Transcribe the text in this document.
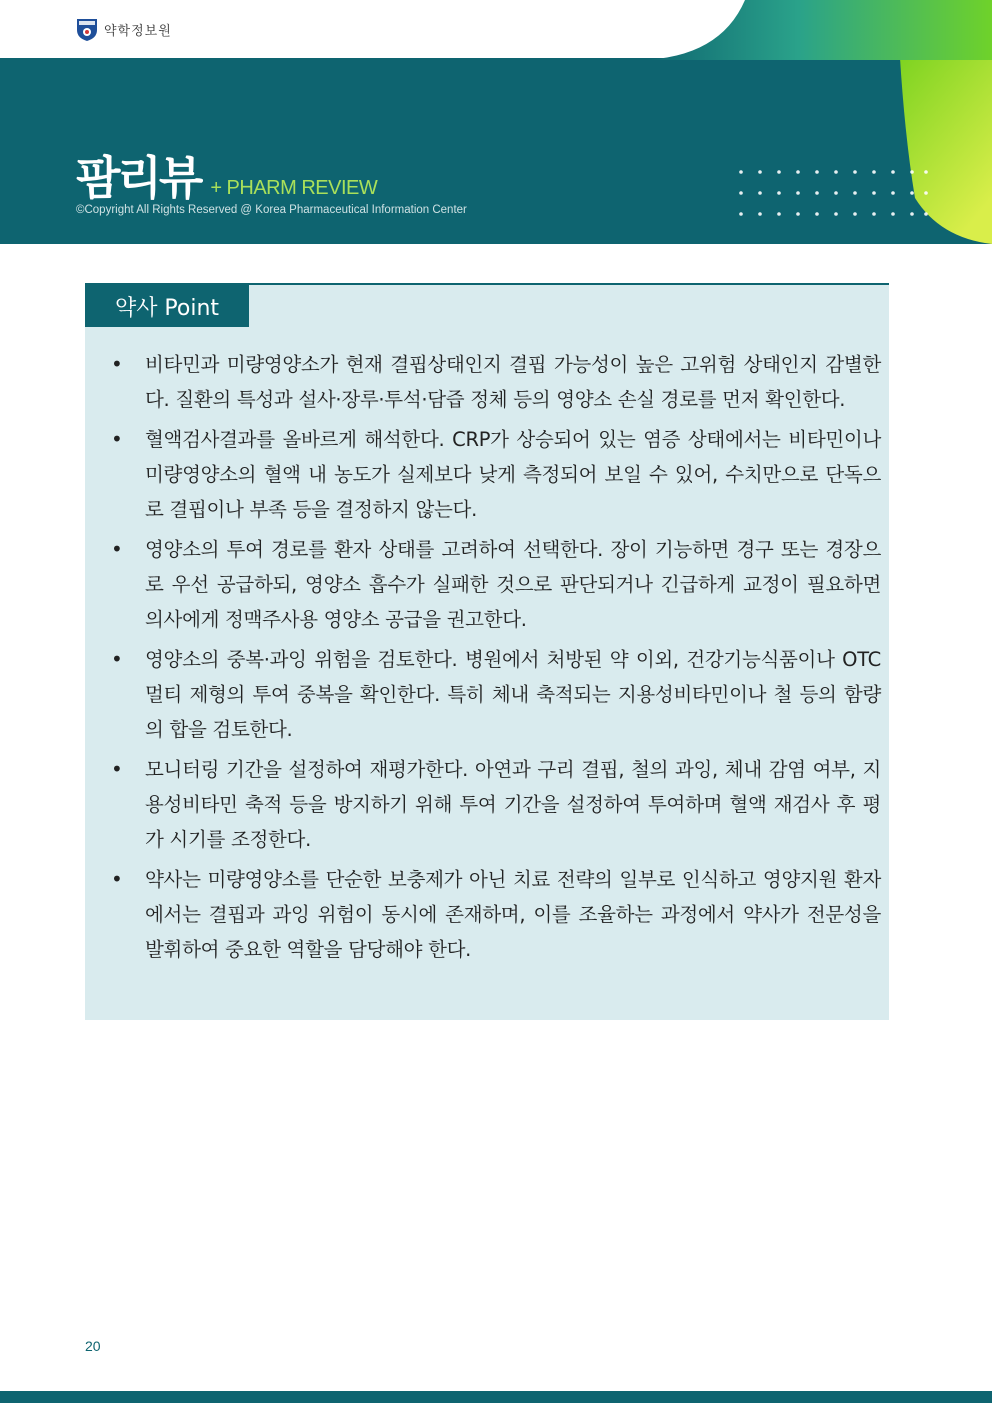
약학정보원
팜리뷰 + PHARM REVIEW
©Copyright All Rights Reserved @ Korea Pharmaceutical Information Center
약사 Point
• 비타민과 미량영양소가 현재 결핍상태인지 결핍 가능성이 높은 고위험 상태인지 감별한다. 질환의 특성과 설사·장루·투석·담즙 정체 등의 영양소 손실 경로를 먼저 확인한다.
• 혈액검사결과를 올바르게 해석한다. CRP가 상승되어 있는 염증 상태에서는 비타민이나 미량영양소의 혈액 내 농도가 실제보다 낮게 측정되어 보일 수 있어, 수치만으로 단독으로 결핍이나 부족 등을 결정하지 않는다.
• 영양소의 투여 경로를 환자 상태를 고려하여 선택한다. 장이 기능하면 경구 또는 경장으로 우선 공급하되, 영양소 흡수가 실패한 것으로 판단되거나 긴급하게 교정이 필요하면 의사에게 정맥주사용 영양소 공급을 권고한다.
• 영양소의 중복·과잉 위험을 검토한다. 병원에서 처방된 약 이외, 건강기능식품이나 OTC 멀티 제형의 투여 중복을 확인한다. 특히 체내 축적되는 지용성비타민이나 철 등의 함량의 합을 검토한다.
• 모니터링 기간을 설정하여 재평가한다. 아연과 구리 결핍, 철의 과잉, 체내 감염 여부, 지용성비타민 축적 등을 방지하기 위해 투여 기간을 설정하여 투여하며 혈액 재검사 후 평가 시기를 조정한다.
• 약사는 미량영양소를 단순한 보충제가 아닌 치료 전략의 일부로 인식하고 영양지원 환자에서는 결핍과 과잉 위험이 동시에 존재하며, 이를 조율하는 과정에서 약사가 전문성을 발휘하여 중요한 역할을 담당해야 한다.
20
